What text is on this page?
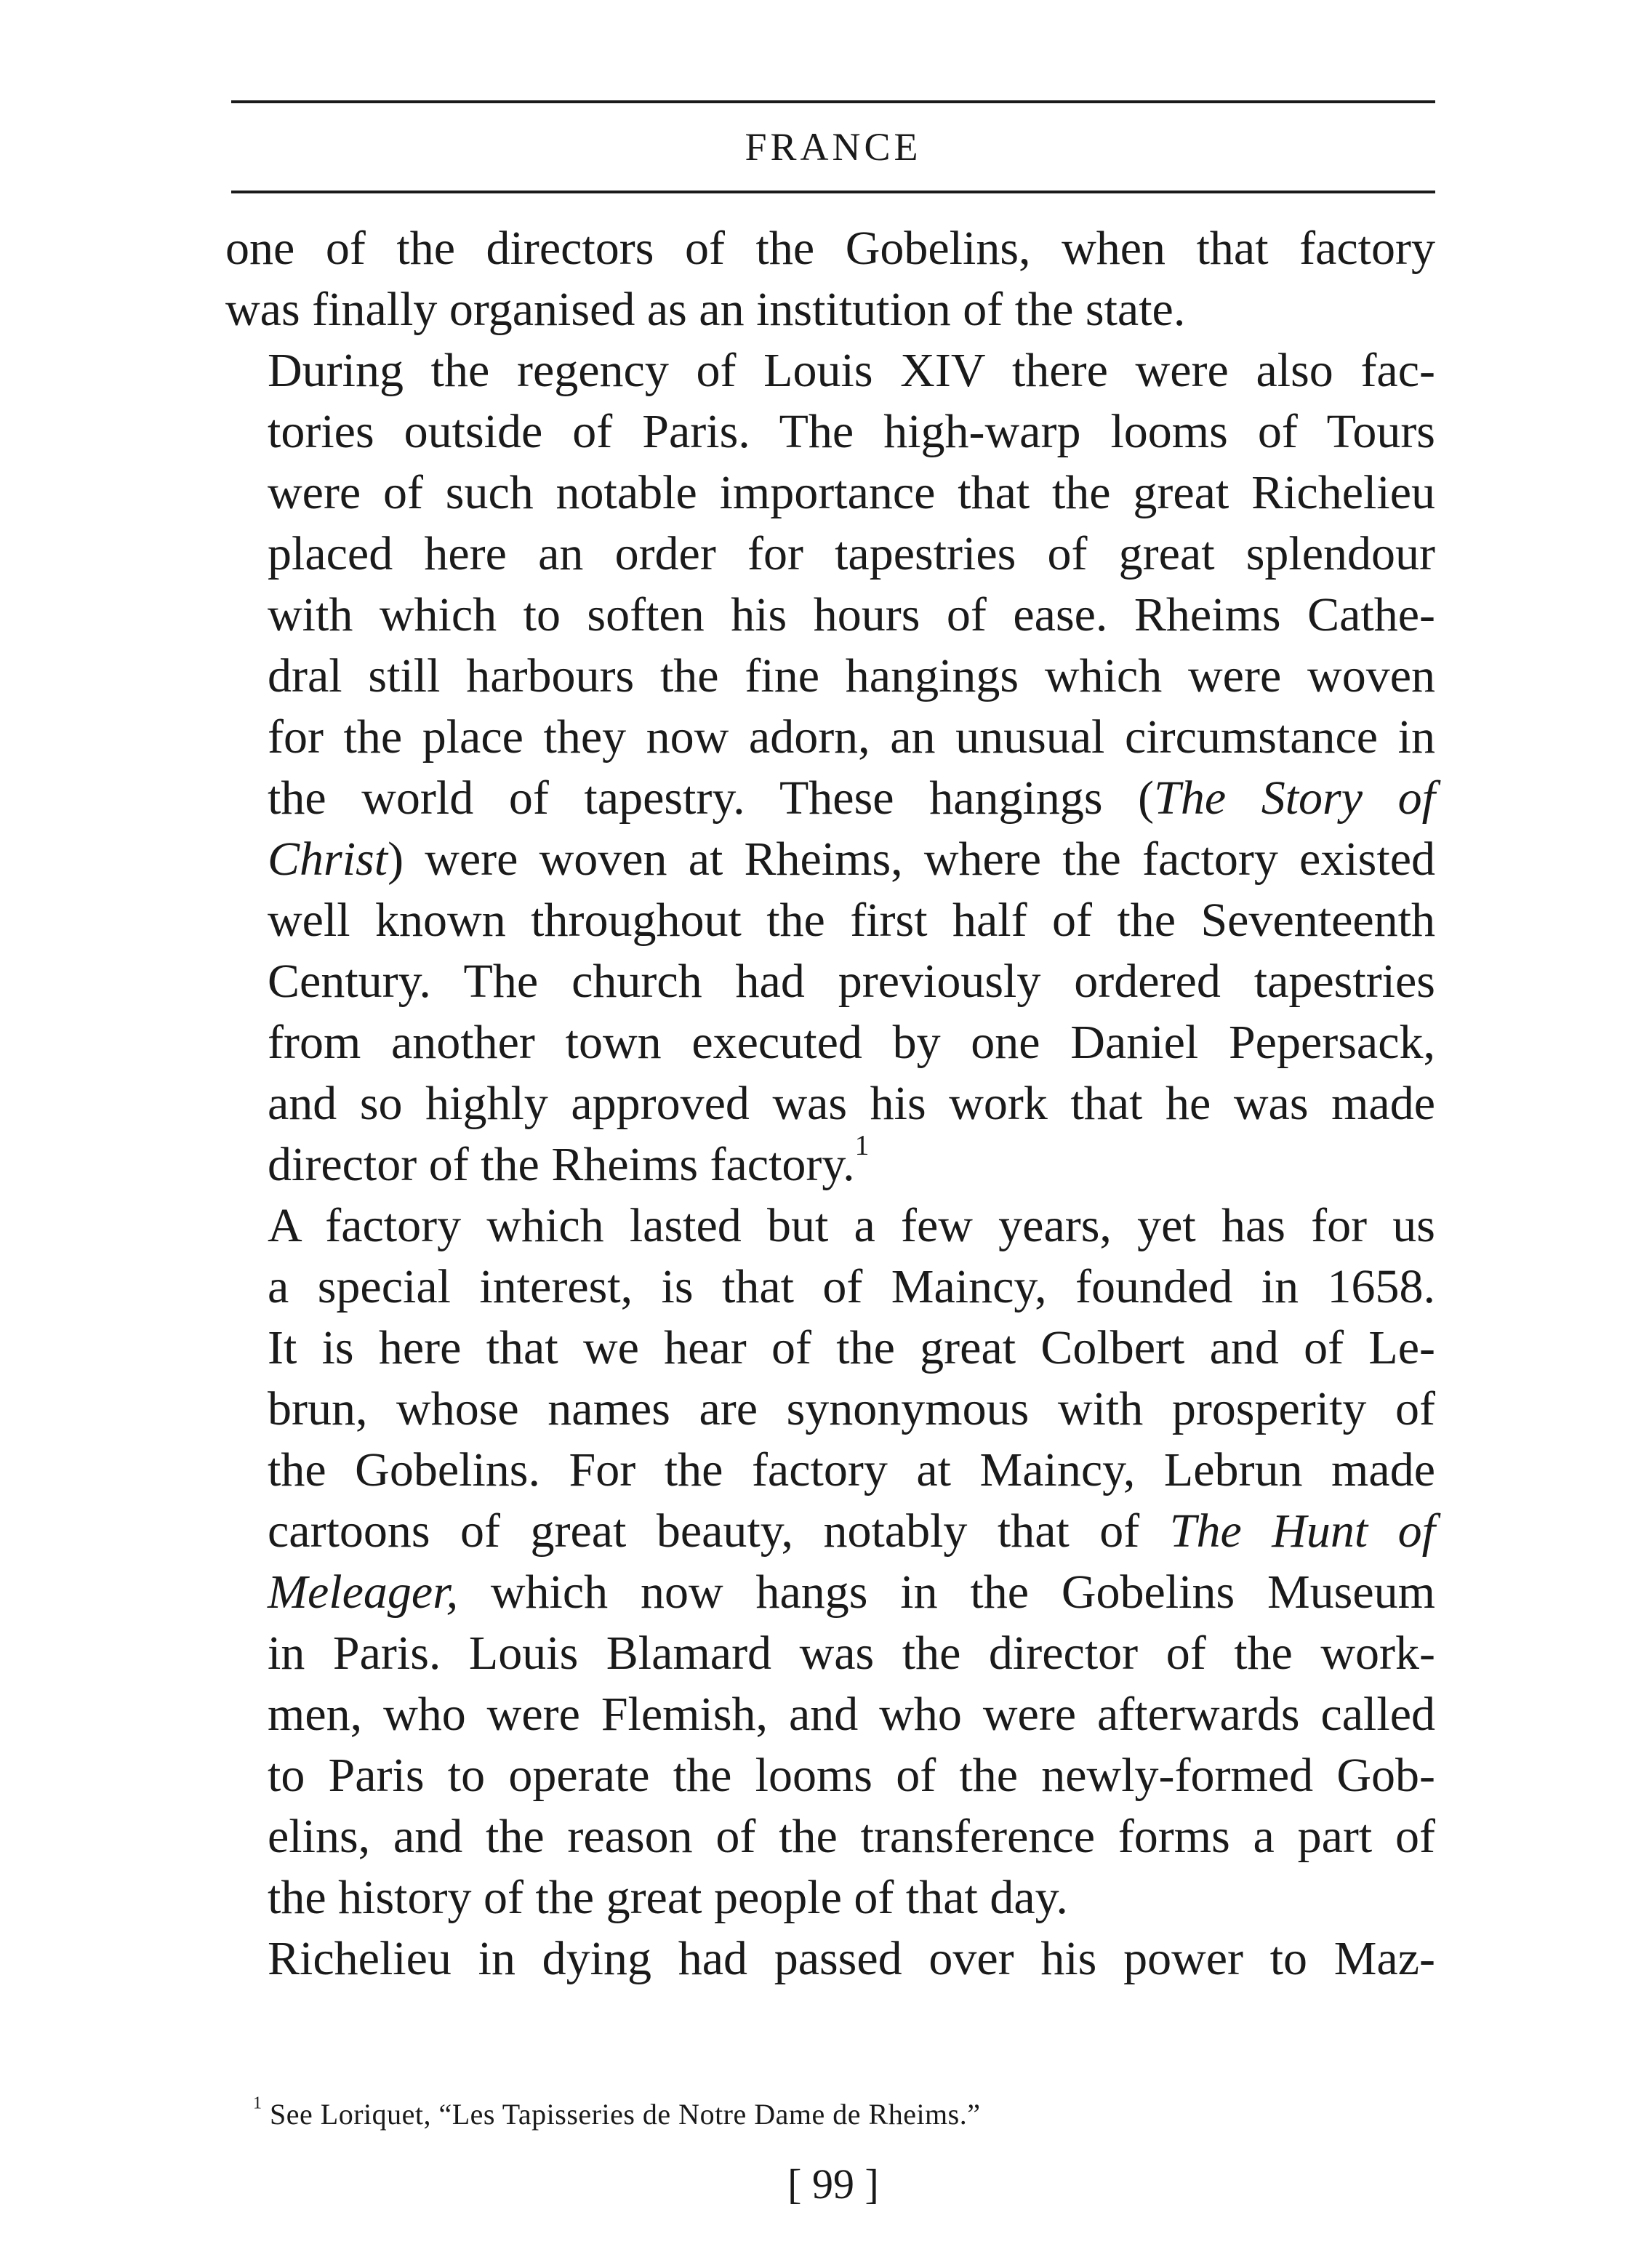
FRANCE

one of the directors of the Gobelins, when that factory
was finally organised as an institution of the state.

During the regency of Louis XIV there were also fac-
tories outside of Paris. The high-warp looms of Tours
were of such notable importance that the great Richelieu
placed here an order for tapestries of great splendour
with which to soften his hours of ease. Rheims Cathe-
dral still harbours the fine hangings which were woven
for the place they now adorn, an unusual circumstance in
the world of tapestry. These hangings (The Story of
Christ) were woven at Rheims, where the factory existed
well known throughout the first half of the Seventeenth
Century. The church had previously ordered tapestries
from another town executed by one Daniel Pepersack,
and so highly approved was his work that he was made
director of the Rheims factory.$^1$

A factory which lasted but a few years, yet has for us
a special interest, is that of Maincy, founded in 1658.
It is here that we hear of the great Colbert and of Le-
brun, whose names are synonymous with prosperity of
the Gobelins. For the factory at Maincy, Lebrun made
cartoons of great beauty, notably that of The Hunt of
Meleager, which now hangs in the Gobelins Museum
in Paris. Louis Blamard was the director of the work-
men, who were Flemish, and who were afterwards called
to Paris to operate the looms of the newly-formed Gob-
elins, and the reason of the transference forms a part of
the history of the great people of that day.

Richelieu in dying had passed over his power to Maz-

$^1$ See Loriquet, “Les Tapisseries de Notre Dame de Rheims.”
[ 99 ]
